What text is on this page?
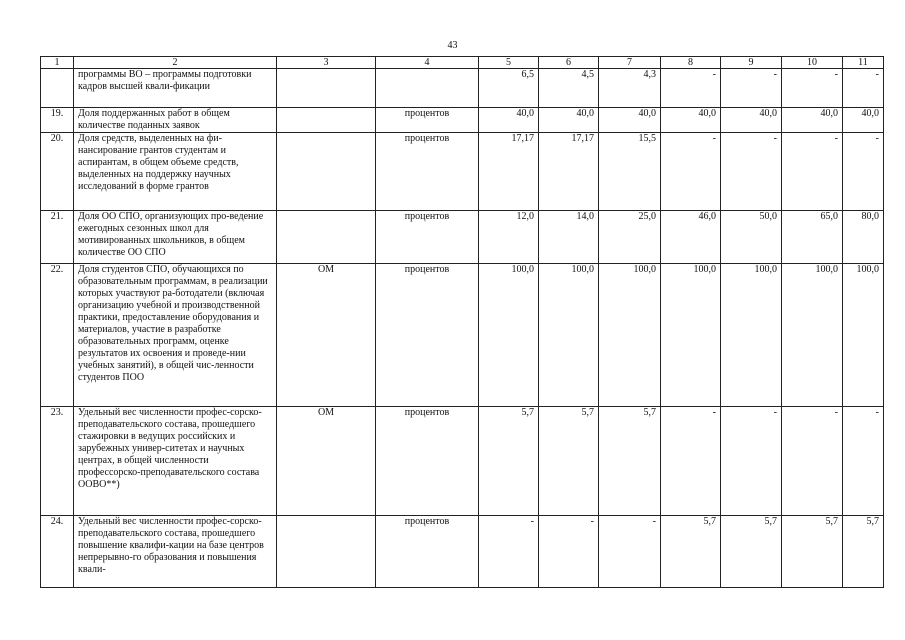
43
1	2	3	4	5	6	7	8	9	10	11
	программы ВО – программы подготовки кадров высшей квали-фикации			6,5	4,5	4,3	-	-	-	-
19.	Доля поддержанных работ в общем количестве поданных заявок		процентов	40,0	40,0	40,0	40,0	40,0	40,0	40,0
20.	Доля средств, выделенных на фи-нансирование грантов студентам и аспирантам, в общем объеме средств, выделенных на поддержку научных исследований в форме грантов		процентов	17,17	17,17	15,5	-	-	-	-
21.	Доля ОО СПО, организующих про-ведение ежегодных сезонных школ для мотивированных школьников, в общем количестве ОО СПО		процентов	12,0	14,0	25,0	46,0	50,0	65,0	80,0
22.	Доля студентов СПО, обучающихся по образовательным программам, в реализации которых участвуют ра-ботодатели (включая организацию учебной и производственной практики, предоставление оборудования и материалов, участие в разработке образовательных программ, оценке результатов их освоения и проведе-нии учебных занятий), в общей чис-ленности студентов ПОО	ОМ	процентов	100,0	100,0	100,0	100,0	100,0	100,0	100,0
23.	Удельный вес численности профес-сорско-преподавательского состава, прошедшего стажировки в ведущих российских и зарубежных универ-ситетах и научных центрах, в общей численности профессорско-преподавательского состава ООВО**)	ОМ	процентов	5,7	5,7	5,7	-	-	-	-
24.	Удельный вес численности профес-сорско-преподавательского состава, прошедшего повышение квалифи-кации на базе центров непрерывно-го образования и повышения квали-		процентов	-	-	-	5,7	5,7	5,7	5,7
